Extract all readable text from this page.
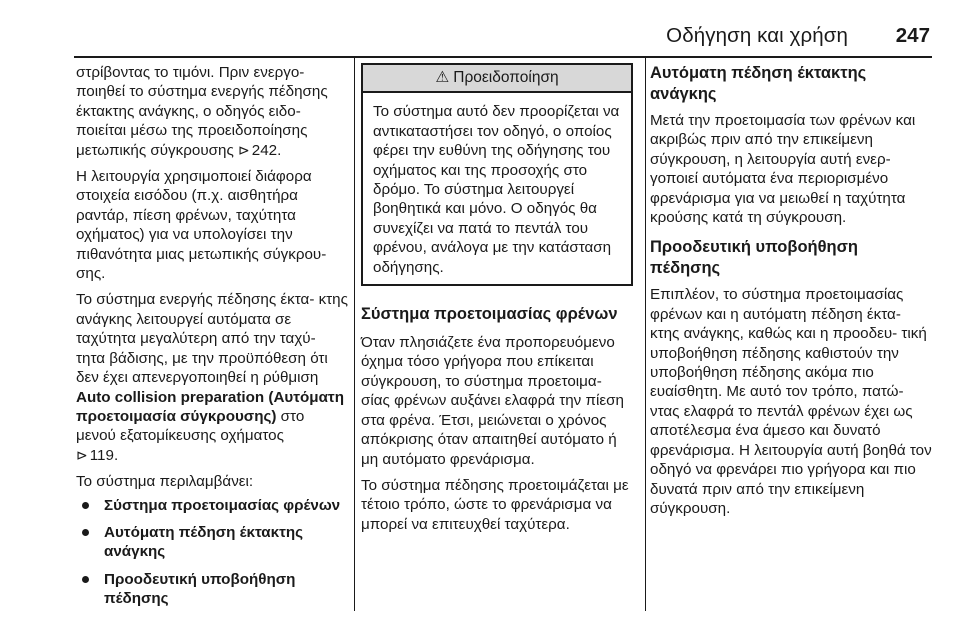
Οδήγηση και χρήση 247

στρίβοντας το τιμόνι. Πριν ενεργο- ποιηθεί το σύστημα ενεργής πέδησης έκτακτης ανάγκης, ο οδηγός ειδο- ποιείται μέσω της προειδοποίησης μετωπικής σύγκρουσης ⊳ 242.

Η λειτουργία χρησιμοποιεί διάφορα στοιχεία εισόδου (π.χ. αισθητήρα ραντάρ, πίεση φρένων, ταχύτητα οχήματος) για να υπολογίσει την πιθανότητα μιας μετωπικής σύγκρου- σης.

Το σύστημα ενεργής πέδησης έκτα- κτης ανάγκης λειτουργεί αυτόματα σε ταχύτητα μεγαλύτερη από την ταχύ- τητα βάδισης, με την προϋπόθεση ότι δεν έχει απενεργοποιηθεί η ρύθμιση Auto collision preparation (Αυτόματη προετοιμασία σύγκρουσης) στο μενού εξατομίκευσης οχήματος
⊳ 119.

Το σύστημα περιλαμβάνει:

Σύστημα προετοιμασίας φρένων
Αυτόματη πέδηση έκτακτης ανάγκης
Προοδευτική υποβοήθηση πέδησης
⚠ Προειδοποίηση
Το σύστημα αυτό δεν προορίζεται να αντικαταστήσει τον οδηγό, ο οποίος φέρει την ευθύνη της οδήγησης του οχήματος και της προσοχής στο δρόμο. Το σύστημα λειτουργεί βοηθητικά και μόνο. Ο οδηγός θα συνεχίζει να πατά το πεντάλ του φρένου, ανάλογα με την κατάσταση οδήγησης.
Σύστημα προετοιμασίας φρένων

Όταν πλησιάζετε ένα προπορευόμενο όχημα τόσο γρήγορα που επίκειται σύγκρουση, το σύστημα προετοιμα- σίας φρένων αυξάνει ελαφρά την πίεση στα φρένα. Έτσι, μειώνεται ο χρόνος απόκρισης όταν απαιτηθεί αυτόματο ή μη αυτόματο φρενάρισμα.

Το σύστημα πέδησης προετοιμάζεται με τέτοιο τρόπο, ώστε το φρενάρισμα να μπορεί να επιτευχθεί ταχύτερα.

Αυτόματη πέδηση έκτακτης ανάγκης

Μετά την προετοιμασία των φρένων και ακριβώς πριν από την επικείμενη σύγκρουση, η λειτουργία αυτή ενερ- γοποιεί αυτόματα ένα περιορισμένο φρενάρισμα για να μειωθεί η ταχύτητα κρούσης κατά τη σύγκρουση.

Προοδευτική υποβοήθηση πέδησης

Επιπλέον, το σύστημα προετοιμασίας φρένων και η αυτόματη πέδηση έκτα- κτης ανάγκης, καθώς και η προοδευ- τική υποβοήθηση πέδησης καθιστούν την υποβοήθηση πέδησης ακόμα πιο ευαίσθητη. Με αυτό τον τρόπο, πατώ- ντας ελαφρά το πεντάλ φρένων έχει ως αποτέλεσμα ένα άμεσο και δυνατό φρενάρισμα. Η λειτουργία αυτή βοηθά τον οδηγό να φρενάρει πιο γρήγορα και πιο δυνατά πριν από την επικείμενη σύγκρουση.
